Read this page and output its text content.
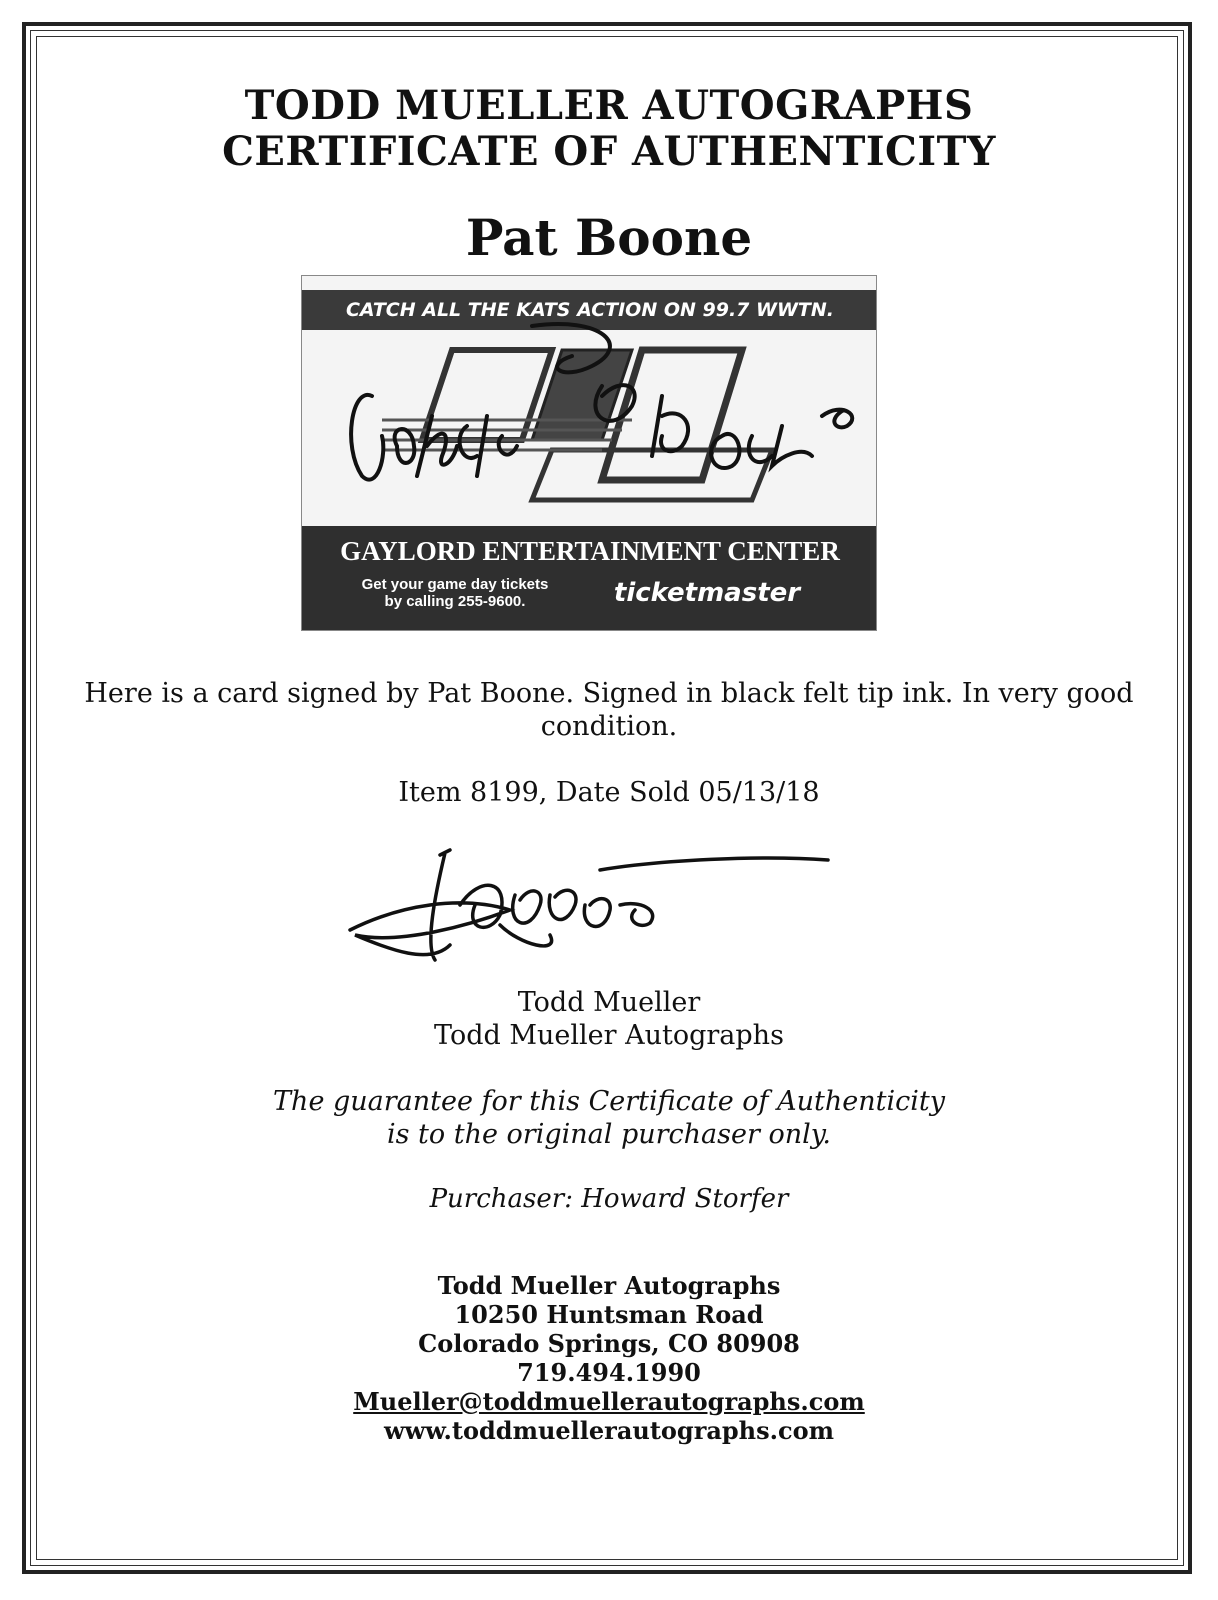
TODD MUELLER AUTOGRAPHS
CERTIFICATE OF AUTHENTICITY
Pat Boone
CATCH ALL THE KATS ACTION ON 99.7 WWTN.
GAYLORD ENTERTAINMENT CENTER
Get your game day tickets
by calling 255-9600.	ticketmaster
Here is a card signed by Pat Boone. Signed in black felt tip ink. In very good
condition.
Item 8199, Date Sold 05/13/18
Todd Mueller
Todd Mueller Autographs
The guarantee for this Certificate of Authenticity
is to the original purchaser only.
Purchaser: Howard Storfer
Todd Mueller Autographs
10250 Huntsman Road
Colorado Springs, CO 80908
719.494.1990
Mueller@toddmuellerautographs.com
www.toddmuellerautographs.com
